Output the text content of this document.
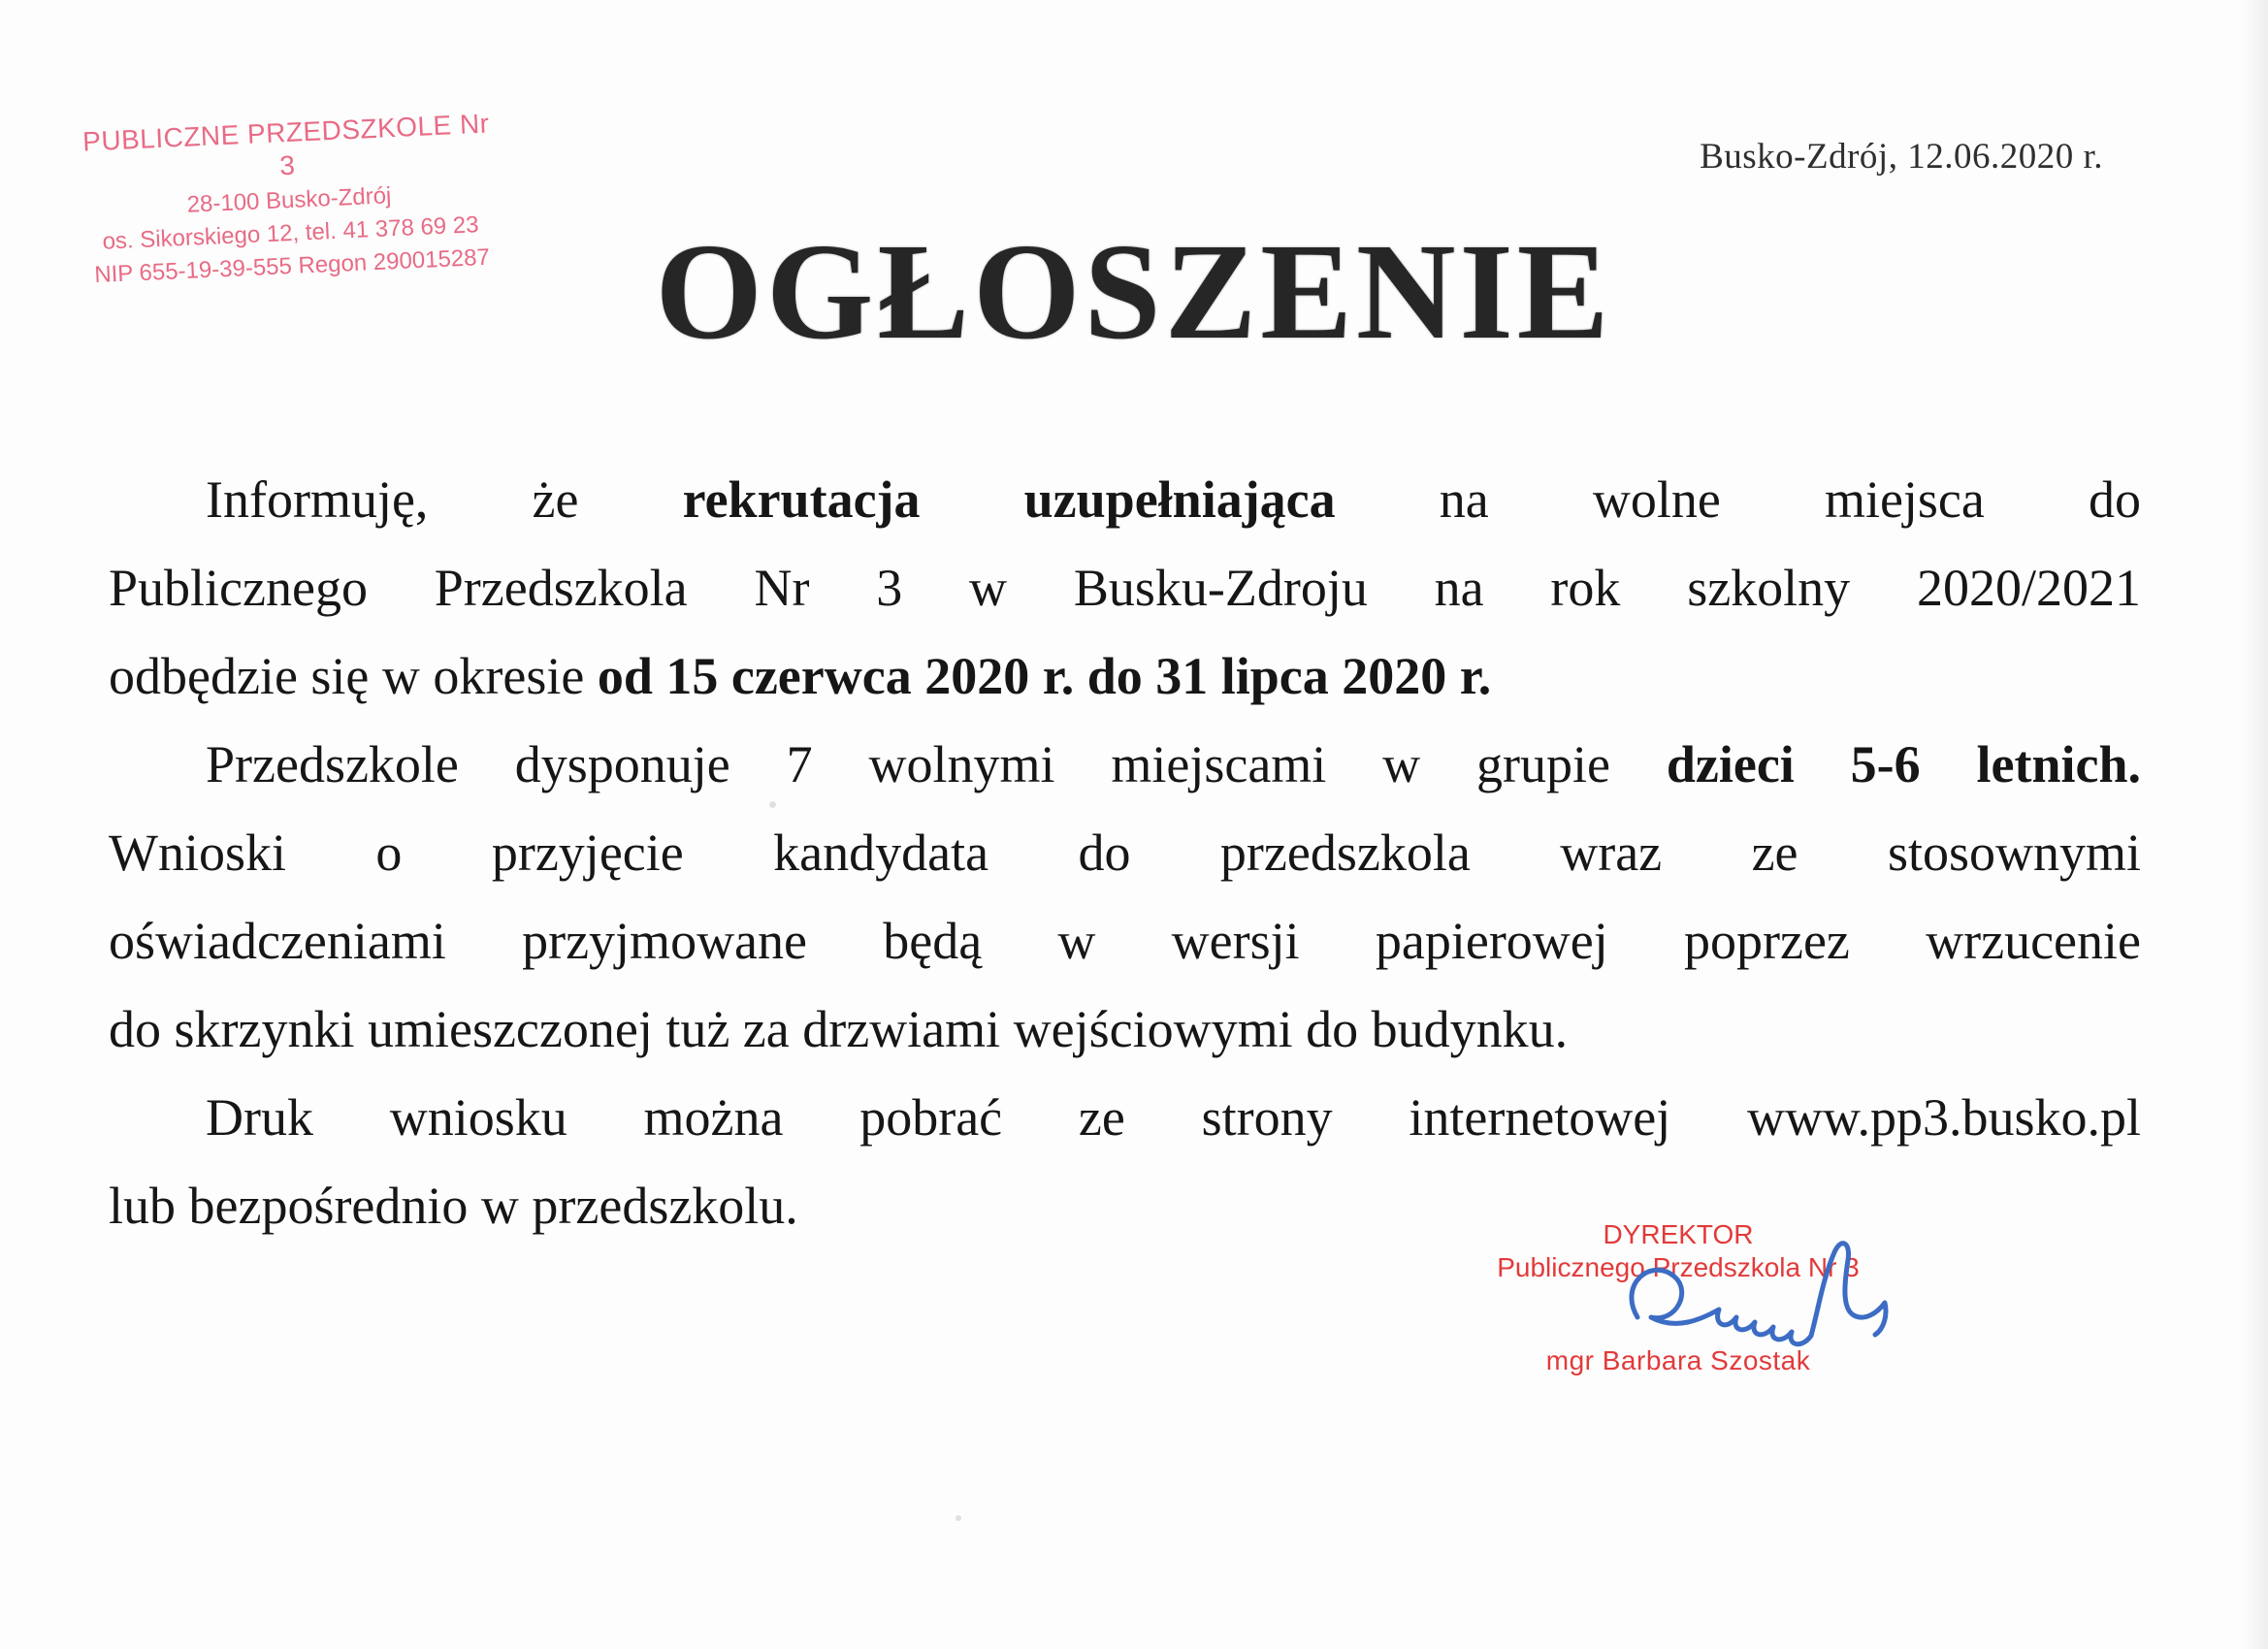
PUBLICZNE PRZEDSZKOLE Nr 3
28-100 Busko-Zdrój
os. Sikorskiego 12, tel. 41 378 69 23
NIP 655-19-39-555 Regon 290015287
Busko-Zdrój, 12.06.2020 r.
OGŁOSZENIE
Informuję, że rekrutacja uzupełniająca na wolne miejsca do
Publicznego Przedszkola Nr 3 w Busku-Zdroju na rok szkolny 2020/2021
odbędzie się w okresie od 15 czerwca 2020 r. do 31 lipca 2020 r.
Przedszkole dysponuje 7 wolnymi miejscami w grupie dzieci 5-6 letnich.
Wnioski o przyjęcie kandydata do przedszkola wraz ze stosownymi
oświadczeniami przyjmowane będą w wersji papierowej poprzez wrzucenie
do skrzynki umieszczonej tuż za drzwiami wejściowymi do budynku.
Druk wniosku można pobrać ze strony internetowej www.pp3.busko.pl
lub bezpośrednio w przedszkolu.	DYREKTOR
Publicznego Przedszkola Nr 3
mgr Barbara Szostak
